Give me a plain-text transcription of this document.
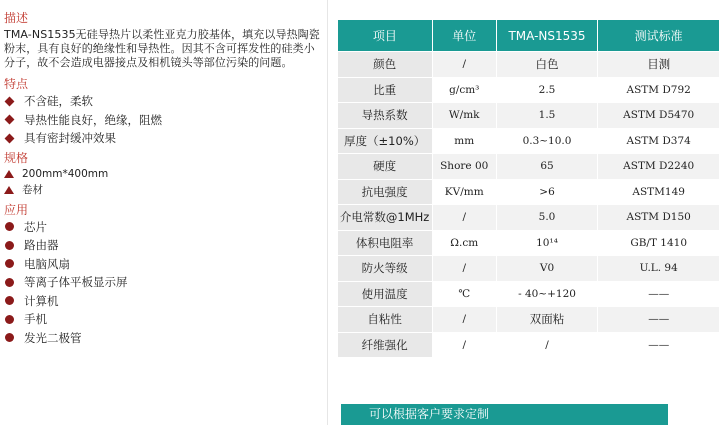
描述
TMA-NS1535无硅导热片以柔性亚克力胶基体，填充以导热陶瓷粉末，具有良好的绝缘性和导热性。因其不含可挥发性的硅类小分子，故不会造成电器接点及相机镜头等部位污染的问题。
特点
不含硅，柔软
导热性能良好，绝缘，阻燃
具有密封缓冲效果
规格
200mm*400mm
卷材
应用
芯片
路由器
电脑风扇
等离子体平板显示屏
计算机
手机
发光二极管
项目	单位	TMA-NS1535	测试标准
颜色	/	白色	目测
比重	g/cm³	2.5	ASTM D792
导热系数	W/mk	1.5	ASTM D5470
厚度（±10%）	mm	0.3~10.0	ASTM D374
硬度	Shore 00	65	ASTM D2240
抗电强度	KV/mm	>6	ASTM149
介电常数@1MHz	/	5.0	ASTM D150
体积电阻率	Ω.cm	10¹⁴	GB/T 1410
防火等级	/	V0	U.L. 94
使用温度	℃	- 40~+120	——
自粘性	/	双面粘	——
纤维强化	/	/	——
可以根据客户要求定制
